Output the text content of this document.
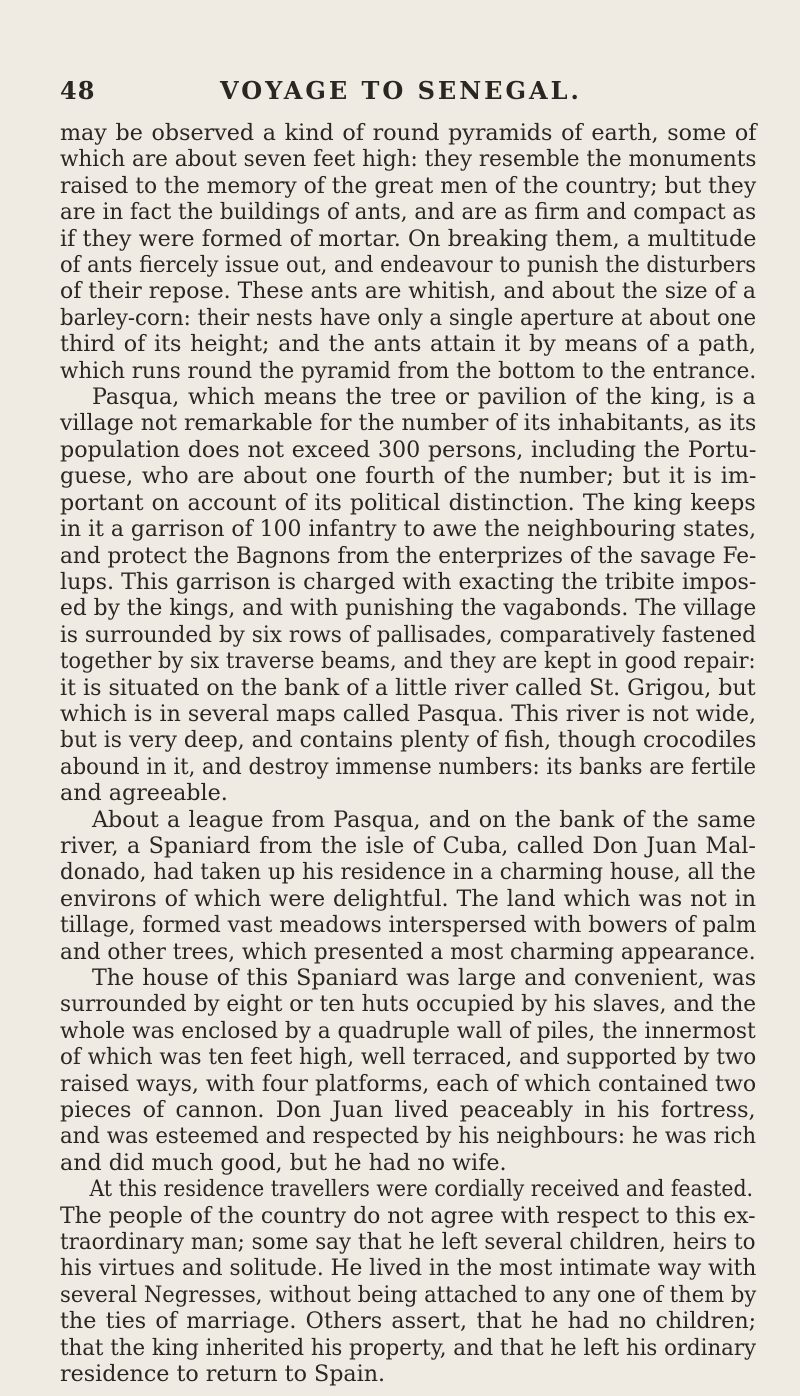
48	VOYAGE TO SENEGAL.
may be observed a kind of round pyramids of earth, some of
which are about seven feet high: they resemble the monuments
raised to the memory of the great men of the country; but they
are in fact the buildings of ants, and are as firm and compact as
if they were formed of mortar. On breaking them, a multitude
of ants fiercely issue out, and endeavour to punish the disturbers
of their repose. These ants are whitish, and about the size of a
barley-corn: their nests have only a single aperture at about one
third of its height; and the ants attain it by means of a path,
which runs round the pyramid from the bottom to the entrance.
Pasqua, which means the tree or pavilion of the king, is a
village not remarkable for the number of its inhabitants, as its
population does not exceed 300 persons, including the Portu-
guese, who are about one fourth of the number; but it is im-
portant on account of its political distinction. The king keeps
in it a garrison of 100 infantry to awe the neighbouring states,
and protect the Bagnons from the enterprizes of the savage Fe-
lups. This garrison is charged with exacting the tribite impos-
ed by the kings, and with punishing the vagabonds. The village
is surrounded by six rows of pallisades, comparatively fastened
together by six traverse beams, and they are kept in good repair:
it is situated on the bank of a little river called St. Grigou, but
which is in several maps called Pasqua. This river is not wide,
but is very deep, and contains plenty of fish, though crocodiles
abound in it, and destroy immense numbers: its banks are fertile
and agreeable.
About a league from Pasqua, and on the bank of the same
river, a Spaniard from the isle of Cuba, called Don Juan Mal-
donado, had taken up his residence in a charming house, all the
environs of which were delightful. The land which was not in
tillage, formed vast meadows interspersed with bowers of palm
and other trees, which presented a most charming appearance.
The house of this Spaniard was large and convenient, was
surrounded by eight or ten huts occupied by his slaves, and the
whole was enclosed by a quadruple wall of piles, the innermost
of which was ten feet high, well terraced, and supported by two
raised ways, with four platforms, each of which contained two
pieces of cannon. Don Juan lived peaceably in his fortress,
and was esteemed and respected by his neighbours: he was rich
and did much good, but he had no wife.
At this residence travellers were cordially received and feasted.
The people of the country do not agree with respect to this ex-
traordinary man; some say that he left several children, heirs to
his virtues and solitude. He lived in the most intimate way with
several Negresses, without being attached to any one of them by
the ties of marriage. Others assert, that he had no children;
that the king inherited his property, and that he left his ordinary
residence to return to Spain.
